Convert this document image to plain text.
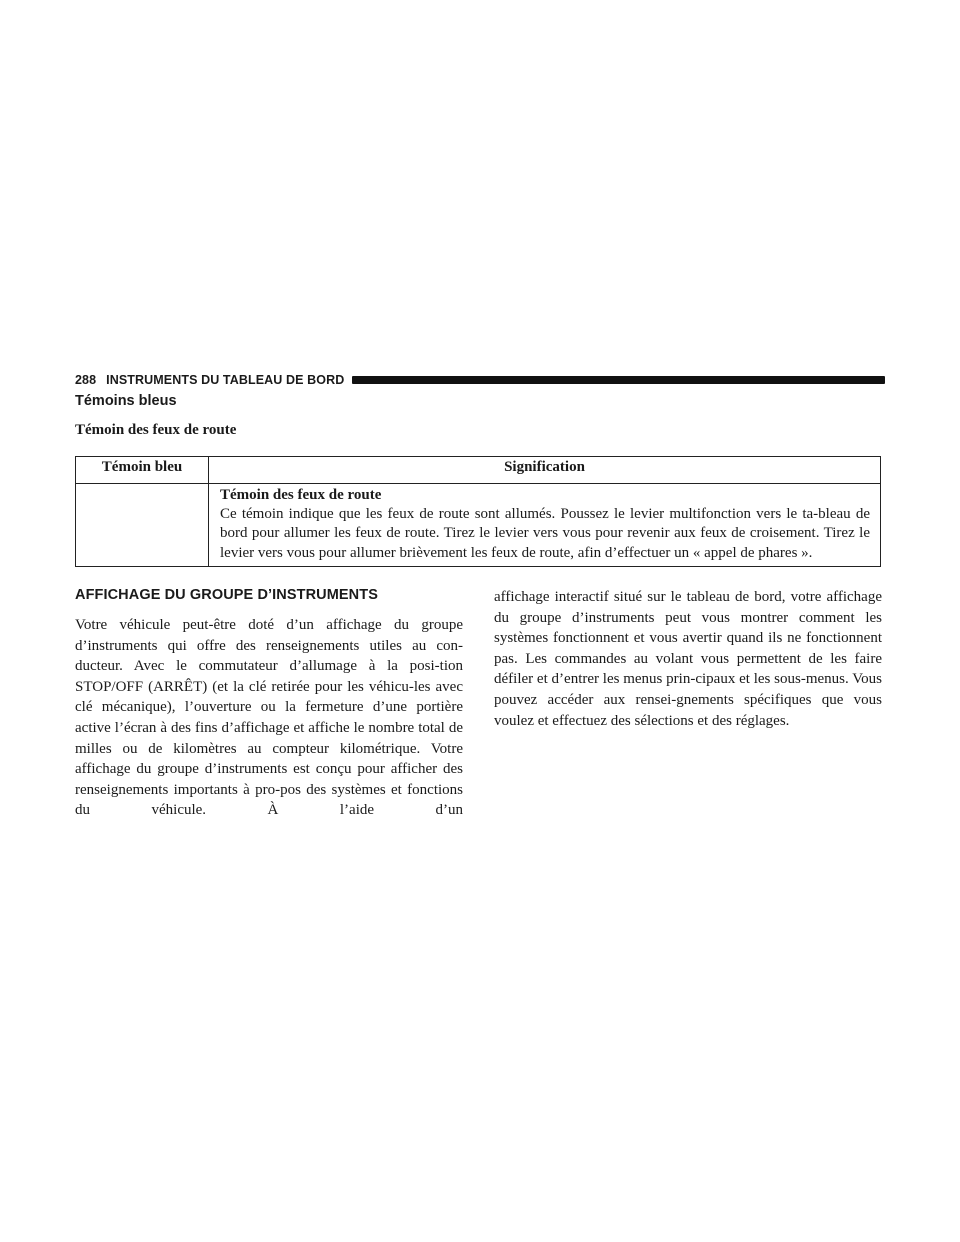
288 INSTRUMENTS DU TABLEAU DE BORD
Témoins bleus
Témoin des feux de route
Témoin bleu	Signification

	Témoin des feux de route
Ce témoin indique que les feux de route sont allumés. Poussez le levier multifonction vers le ta-bleau de bord pour allumer les feux de route. Tirez le levier vers vous pour revenir aux feux de croisement. Tirez le levier vers vous pour allumer brièvement les feux de route, afin d’effectuer un « appel de phares ».
AFFICHAGE DU GROUPE D’INSTRUMENTS
Votre véhicule peut-être doté d’un affichage du groupe d’instruments qui offre des renseignements utiles au con-ducteur. Avec le commutateur d’allumage à la posi-tion STOP/OFF (ARRÊT) (et la clé retirée pour les véhicu-les avec clé mécanique), l’ouverture ou la fermeture d’une portière active l’écran à des fins d’affichage et affiche le nombre total de milles ou de kilomètres au compteur kilométrique. Votre affichage du groupe d’instruments est conçu pour afficher des renseignements importants à pro-pos des systèmes et fonctions du véhicule. À l’aide d’un
affichage interactif situé sur le tableau de bord, votre affichage du groupe d’instruments peut vous montrer comment les systèmes fonctionnent et vous avertir quand ils ne fonctionnent pas. Les commandes au volant vous permettent de les faire défiler et d’entrer les menus prin-cipaux et les sous-menus. Vous pouvez accéder aux rensei-gnements spécifiques que vous voulez et effectuez des sélections et des réglages.
